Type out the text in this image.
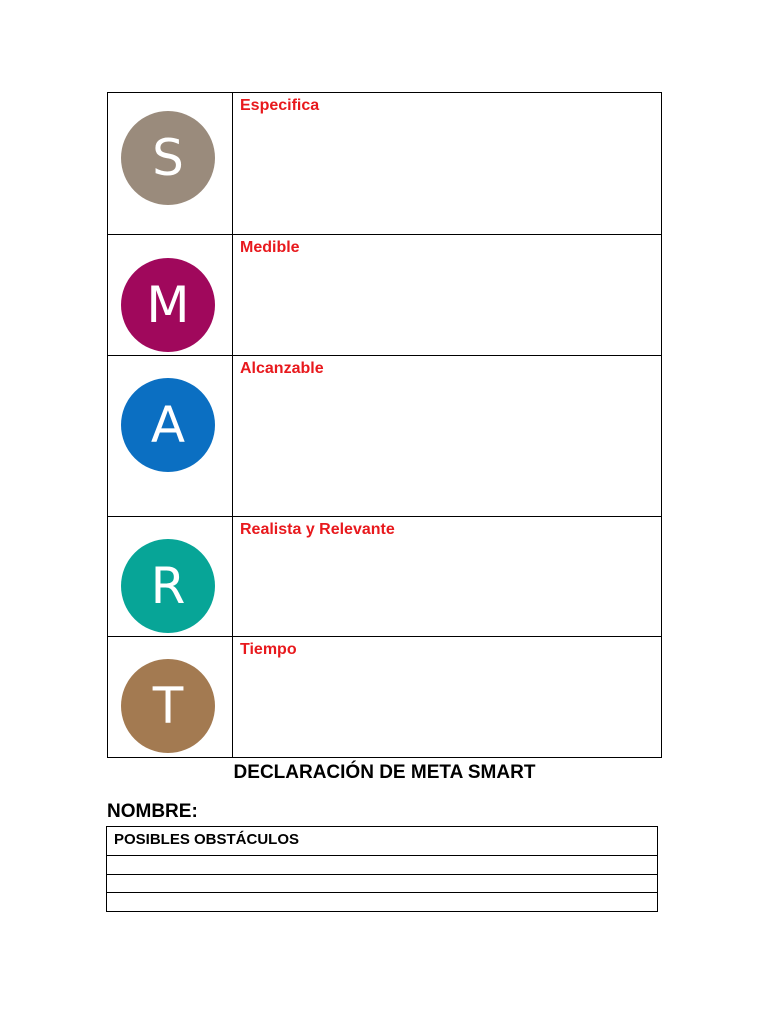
S
Especifica
M
Medible
A
Alcanzable
R
Realista y Relevante
T
Tiempo
DECLARACIÓN DE META SMART
NOMBRE:
POSIBLES OBSTÁCULOS
